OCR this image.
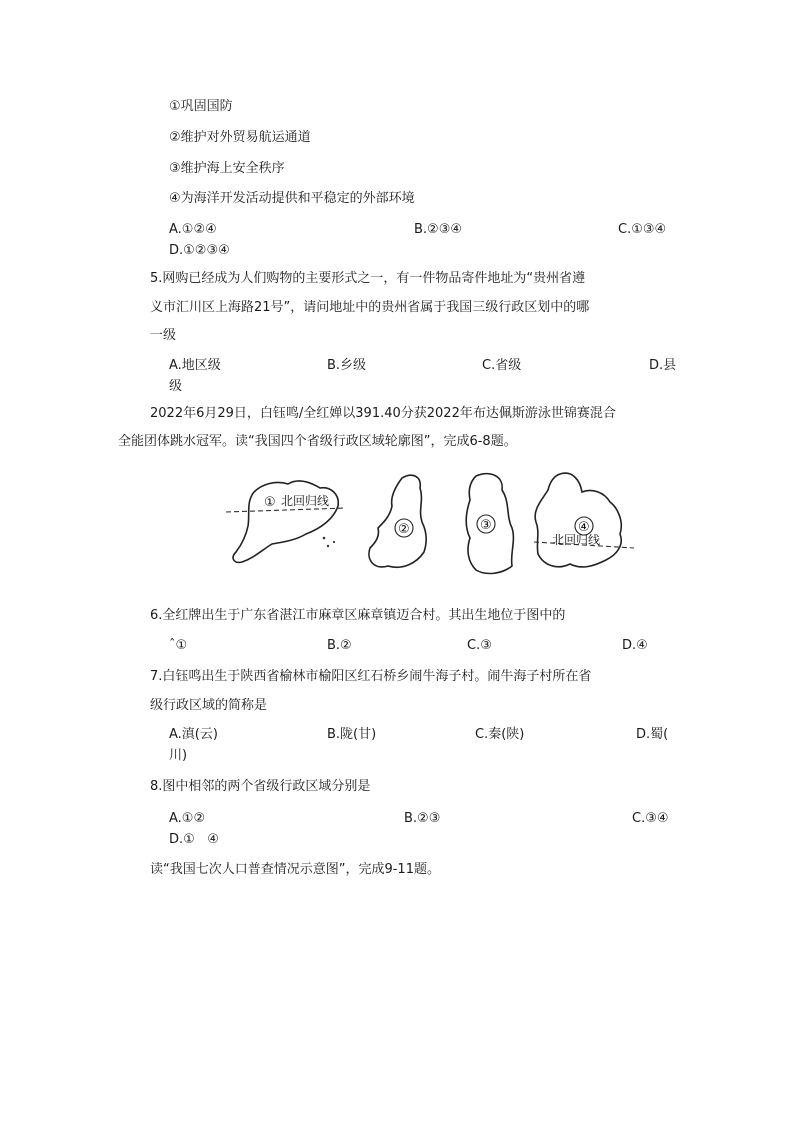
①巩固国防
②维护对外贸易航运通道
③维护海上安全秩序
④为海洋开发活动提供和平稳定的外部环境
A.①②④	B.②③④	C.①③④
D.①②③④
5.网购已经成为人们购物的主要形式之一，有一件物品寄件地址为“贵州省遵
义市汇川区上海路21号”，请问地址中的贵州省属于我国三级行政区划中的哪
一级
A.地区级	B.乡级	C.省级	D.县
级
2022年6月29日，白钰鸣/全红婵以391.40分获2022年布达佩斯游泳世锦赛混合
全能团体跳水冠军。读“我国四个省级行政区域轮廓图”，完成6-8题。
① 北回归线
②	③	④
北回归线
6.全红牌出生于广东省湛江市麻章区麻章镇迈合村。其出生地位于图中的
ˆ①	B.②	C.③	D.④
7.白钰鸣出生于陕西省榆林市榆阳区红石桥乡闹牛海子村。闹牛海子村所在省
级行政区域的简称是
A.滇(云)	B.陇(甘)	C.秦(陕)	D.蜀(
川)
8.图中相邻的两个省级行政区域分别是
A.①②	B.②③	C.③④
D.①   ④
读“我国七次人口普查情况示意图”，完成9-11题。
